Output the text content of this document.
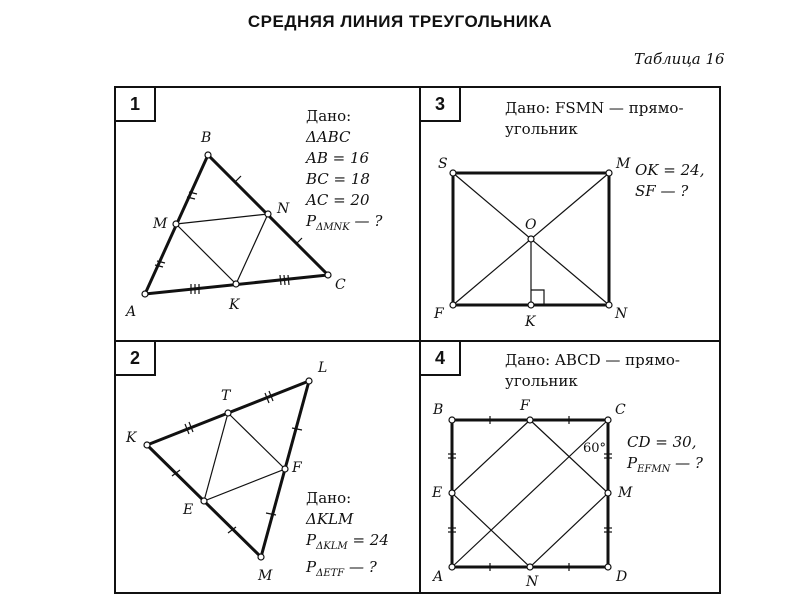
СРЕДНЯЯ ЛИНИЯ ТРЕУГОЛЬНИКА
Таблица 16
1
Дано:
ΔABC
AB = 16
BC = 18
AC = 20
$P_{\Delta MNK}$ — ?
3	Дано: FSMN — прямо-
угольник
OK = 24,
SF — ?
2
Дано:
ΔKLM
$P_{\Delta KLM} = 24$
$P_{\Delta ETF}$ — ?
4	Дано: ABCD — прямо-
угольник
CD = 30,
$P_{EFMN}$ — ?
B
M
N
A	K
C
S	M
O
F	K	N
T
L
K
F
E
M
B	F	C
E	M
A	N	D
60°
